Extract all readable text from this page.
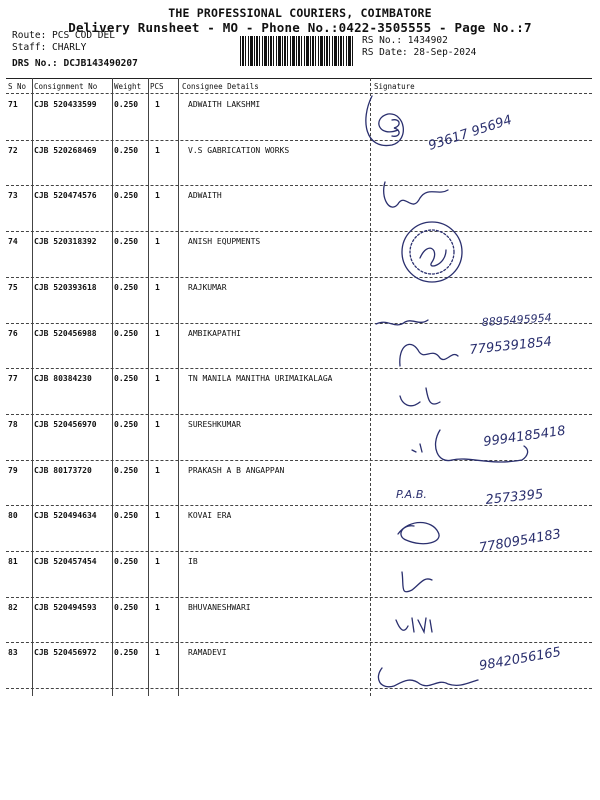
THE PROFESSIONAL COURIERS, COIMBATORE
Delivery Runsheet - MO - Phone No.:0422-3505555 - Page No.:7
Route: PCS COD DEL
Staff: CHARLY
DRS No.: DCJB143490207
RS No.: 1434902
RS Date: 28-Sep-2024
S No Consignment No Weight PCS Consignee Details	Signature
71 CJB 520433599 0.250 1	ADWAITH LAKSHMI
72 CJB 520268469 0.250 1	V.S GABRICATION WORKS
73 CJB 520474576 0.250 1	ADWAITH
74 CJB 520318392 0.250 1	ANISH EQUPMENTS
75 CJB 520393618 0.250 1	RAJKUMAR
76 CJB 520456988 0.250 1	AMBIKAPATHI
77 CJB 80384230	0.250 1	TN MANILA MANITHA URIMAIKALAGA
78 CJB 520456970 0.250 1	SURESHKUMAR
79 CJB 80173720	0.250 1	PRAKASH A B ANGAPPAN
80 CJB 520494634 0.250 1	KOVAI ERA
81 CJB 520457454 0.250 1	IB
82 CJB 520494593 0.250 1	BHUVANESHWARI
83 CJB 520456972 0.250 1	RAMADEVI
93617 95694
8895495954
7795391854
9994185418
P.A.B.	2573395
7780954183
9842056165
